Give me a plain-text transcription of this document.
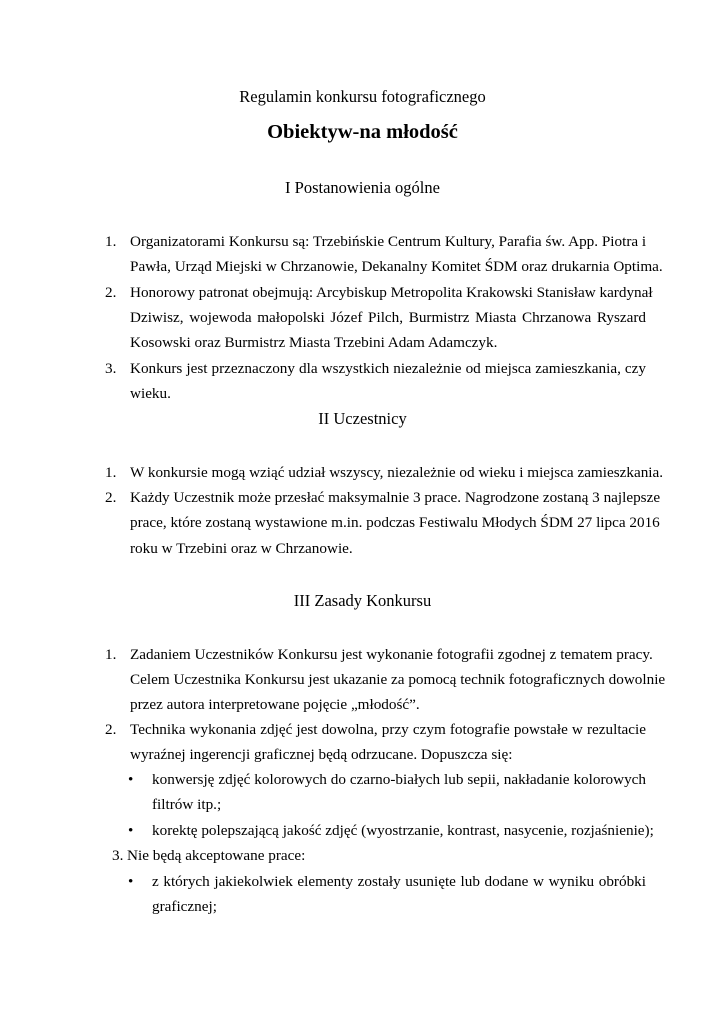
Regulamin konkursu fotograficznego
Obiektyw-na młodość
I Postanowienia ogólne
1. Organizatorami Konkursu są: Trzebińskie Centrum Kultury, Parafia św. App. Piotra i
Pawła, Urząd Miejski w Chrzanowie, Dekanalny Komitet ŚDM oraz drukarnia Optima.
2. Honorowy patronat obejmują: Arcybiskup Metropolita Krakowski Stanisław kardynał
Dziwisz, wojewoda małopolski Józef Pilch, Burmistrz Miasta Chrzanowa Ryszard
Kosowski oraz Burmistrz Miasta Trzebini Adam Adamczyk.
3. Konkurs jest przeznaczony dla wszystkich niezależnie od miejsca zamieszkania, czy
wieku.
II Uczestnicy
1. W konkursie mogą wziąć udział wszyscy, niezależnie od wieku i miejsca zamieszkania.
2. Każdy Uczestnik może przesłać maksymalnie 3 prace. Nagrodzone zostaną 3 najlepsze
prace, które zostaną wystawione m.in. podczas Festiwalu Młodych ŚDM 27 lipca 2016
roku w Trzebini oraz w Chrzanowie.
III Zasady Konkursu
1. Zadaniem Uczestników Konkursu jest wykonanie fotografii zgodnej z tematem pracy.
Celem Uczestnika Konkursu jest ukazanie za pomocą technik fotograficznych dowolnie
przez autora interpretowane pojęcie „młodość”.
2. Technika wykonania zdjęć jest dowolna, przy czym fotografie powstałe w rezultacie
wyraźnej ingerencji graficznej będą odrzucane. Dopuszcza się:
• konwersję zdjęć kolorowych do czarno-białych lub sepii, nakładanie kolorowych
filtrów itp.;
• korektę polepszającą jakość zdjęć (wyostrzanie, kontrast, nasycenie, rozjaśnienie);
3. Nie będą akceptowane prace:
• z których jakiekolwiek elementy zostały usunięte lub dodane w wyniku obróbki
graficznej;
